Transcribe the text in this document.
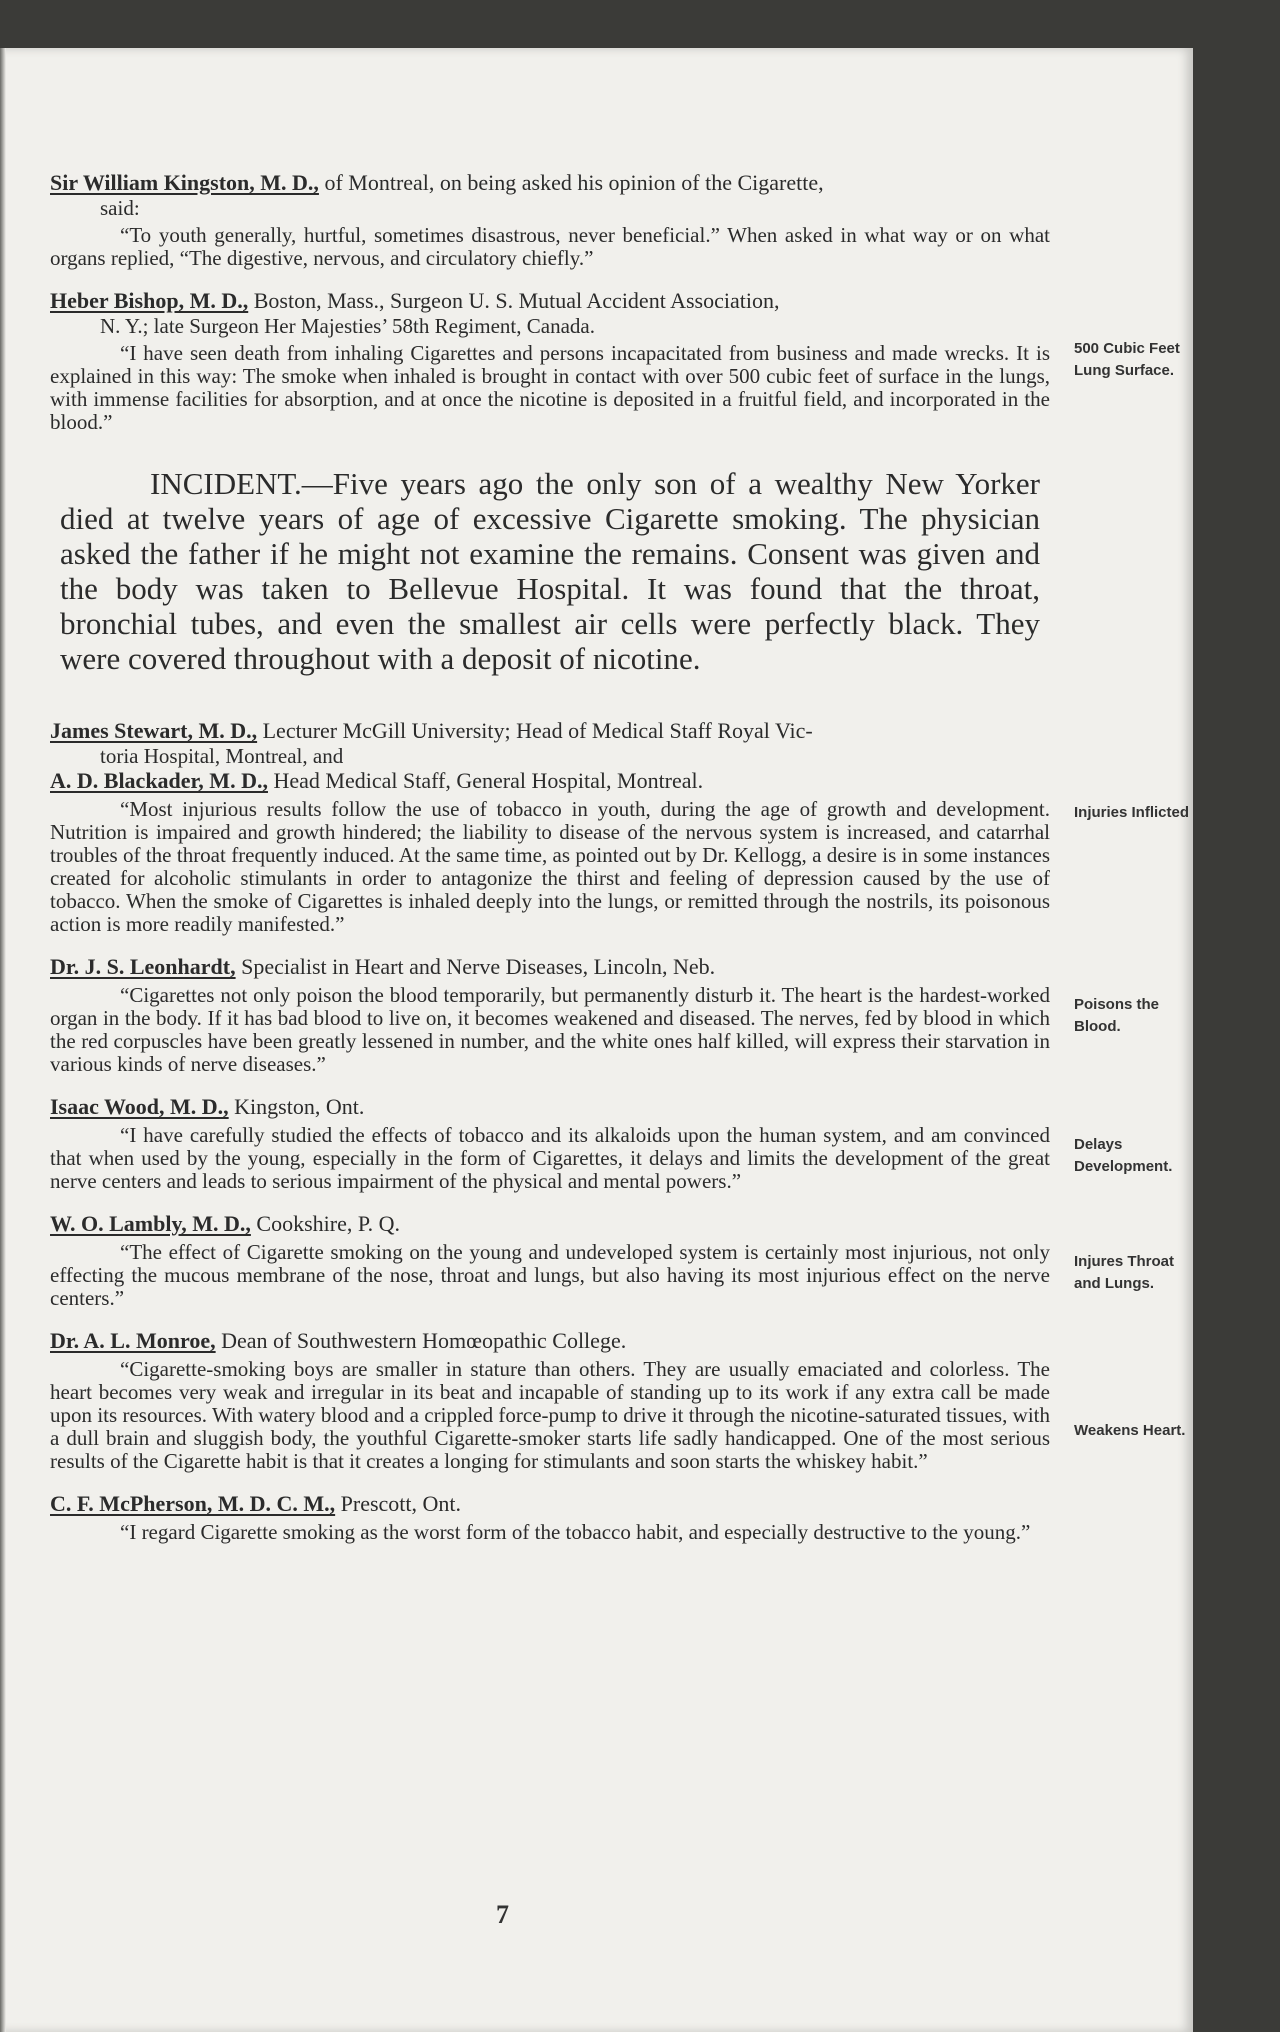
Sir William Kingston, M. D., of Montreal, on being asked his opinion of the Cigarette,

said:

“To youth generally, hurtful, sometimes disastrous, never beneficial.” When asked in what way or on what organs replied, “The digestive, nervous, and circulatory chiefly.”

Heber Bishop, M. D., Boston, Mass., Surgeon U. S. Mutual Accident Association,

N. Y.; late Surgeon Her Majesties’ 58th Regiment, Canada.

“I have seen death from inhaling Cigarettes and persons incapacitated from business and made wrecks. It is explained in this way: The smoke when inhaled is brought in contact with over 500 cubic feet of surface in the lungs, with immense facilities for absorption, and at once the nicotine is deposited in a fruitful field, and incorporated in the blood.”

500 Cubic Feet Lung Surface.

INCIDENT.—Five years ago the only son of a wealthy New Yorker died at twelve years of age of excessive Cigarette smoking. The physician asked the father if he might not examine the remains. Consent was given and the body was taken to Bellevue Hospital. It was found that the throat, bronchial tubes, and even the smallest air cells were perfectly black. They were covered throughout with a deposit of nicotine.

James Stewart, M. D., Lecturer McGill University; Head of Medical Staff Royal Vic-

toria Hospital, Montreal, and

A. D. Blackader, M. D., Head Medical Staff, General Hospital, Montreal.

“Most injurious results follow the use of tobacco in youth, during the age of growth and development. Nutrition is impaired and growth hindered; the liability to disease of the nervous system is increased, and catarrhal troubles of the throat frequently induced. At the same time, as pointed out by Dr. Kellogg, a desire is in some instances created for alcoholic stimulants in order to antagonize the thirst and feeling of depression caused by the use of tobacco. When the smoke of Cigarettes is inhaled deeply into the lungs, or remitted through the nostrils, its poisonous action is more readily manifested.”

Injuries Inflicted

Dr. J. S. Leonhardt, Specialist in Heart and Nerve Diseases, Lincoln, Neb.

“Cigarettes not only poison the blood temporarily, but permanently disturb it. The heart is the hardest-worked organ in the body. If it has bad blood to live on, it becomes weakened and diseased. The nerves, fed by blood in which the red corpuscles have been greatly lessened in number, and the white ones half killed, will express their starvation in various kinds of nerve diseases.”

Poisons the Blood.

Isaac Wood, M. D., Kingston, Ont.

“I have carefully studied the effects of tobacco and its alkaloids upon the human system, and am convinced that when used by the young, especially in the form of Cigarettes, it delays and limits the development of the great nerve centers and leads to serious impairment of the physical and mental powers.”

Delays Development.

W. O. Lambly, M. D., Cookshire, P. Q.

“The effect of Cigarette smoking on the young and undeveloped system is certainly most injurious, not only effecting the mucous membrane of the nose, throat and lungs, but also having its most injurious effect on the nerve centers.”

Injures Throat and Lungs.

Dr. A. L. Monroe, Dean of Southwestern Homœopathic College.

“Cigarette-smoking boys are smaller in stature than others. They are usually emaciated and colorless. The heart becomes very weak and irregular in its beat and incapable of standing up to its work if any extra call be made upon its resources. With watery blood and a crippled force-pump to drive it through the nicotine-saturated tissues, with a dull brain and sluggish body, the youthful Cigarette-smoker starts life sadly handicapped. One of the most serious results of the Cigarette habit is that it creates a longing for stimulants and soon starts the whiskey habit.”

Weakens Heart.

C. F. McPherson, M. D. C. M., Prescott, Ont.

“I regard Cigarette smoking as the worst form of the tobacco habit, and especially destructive to the young.”

7
